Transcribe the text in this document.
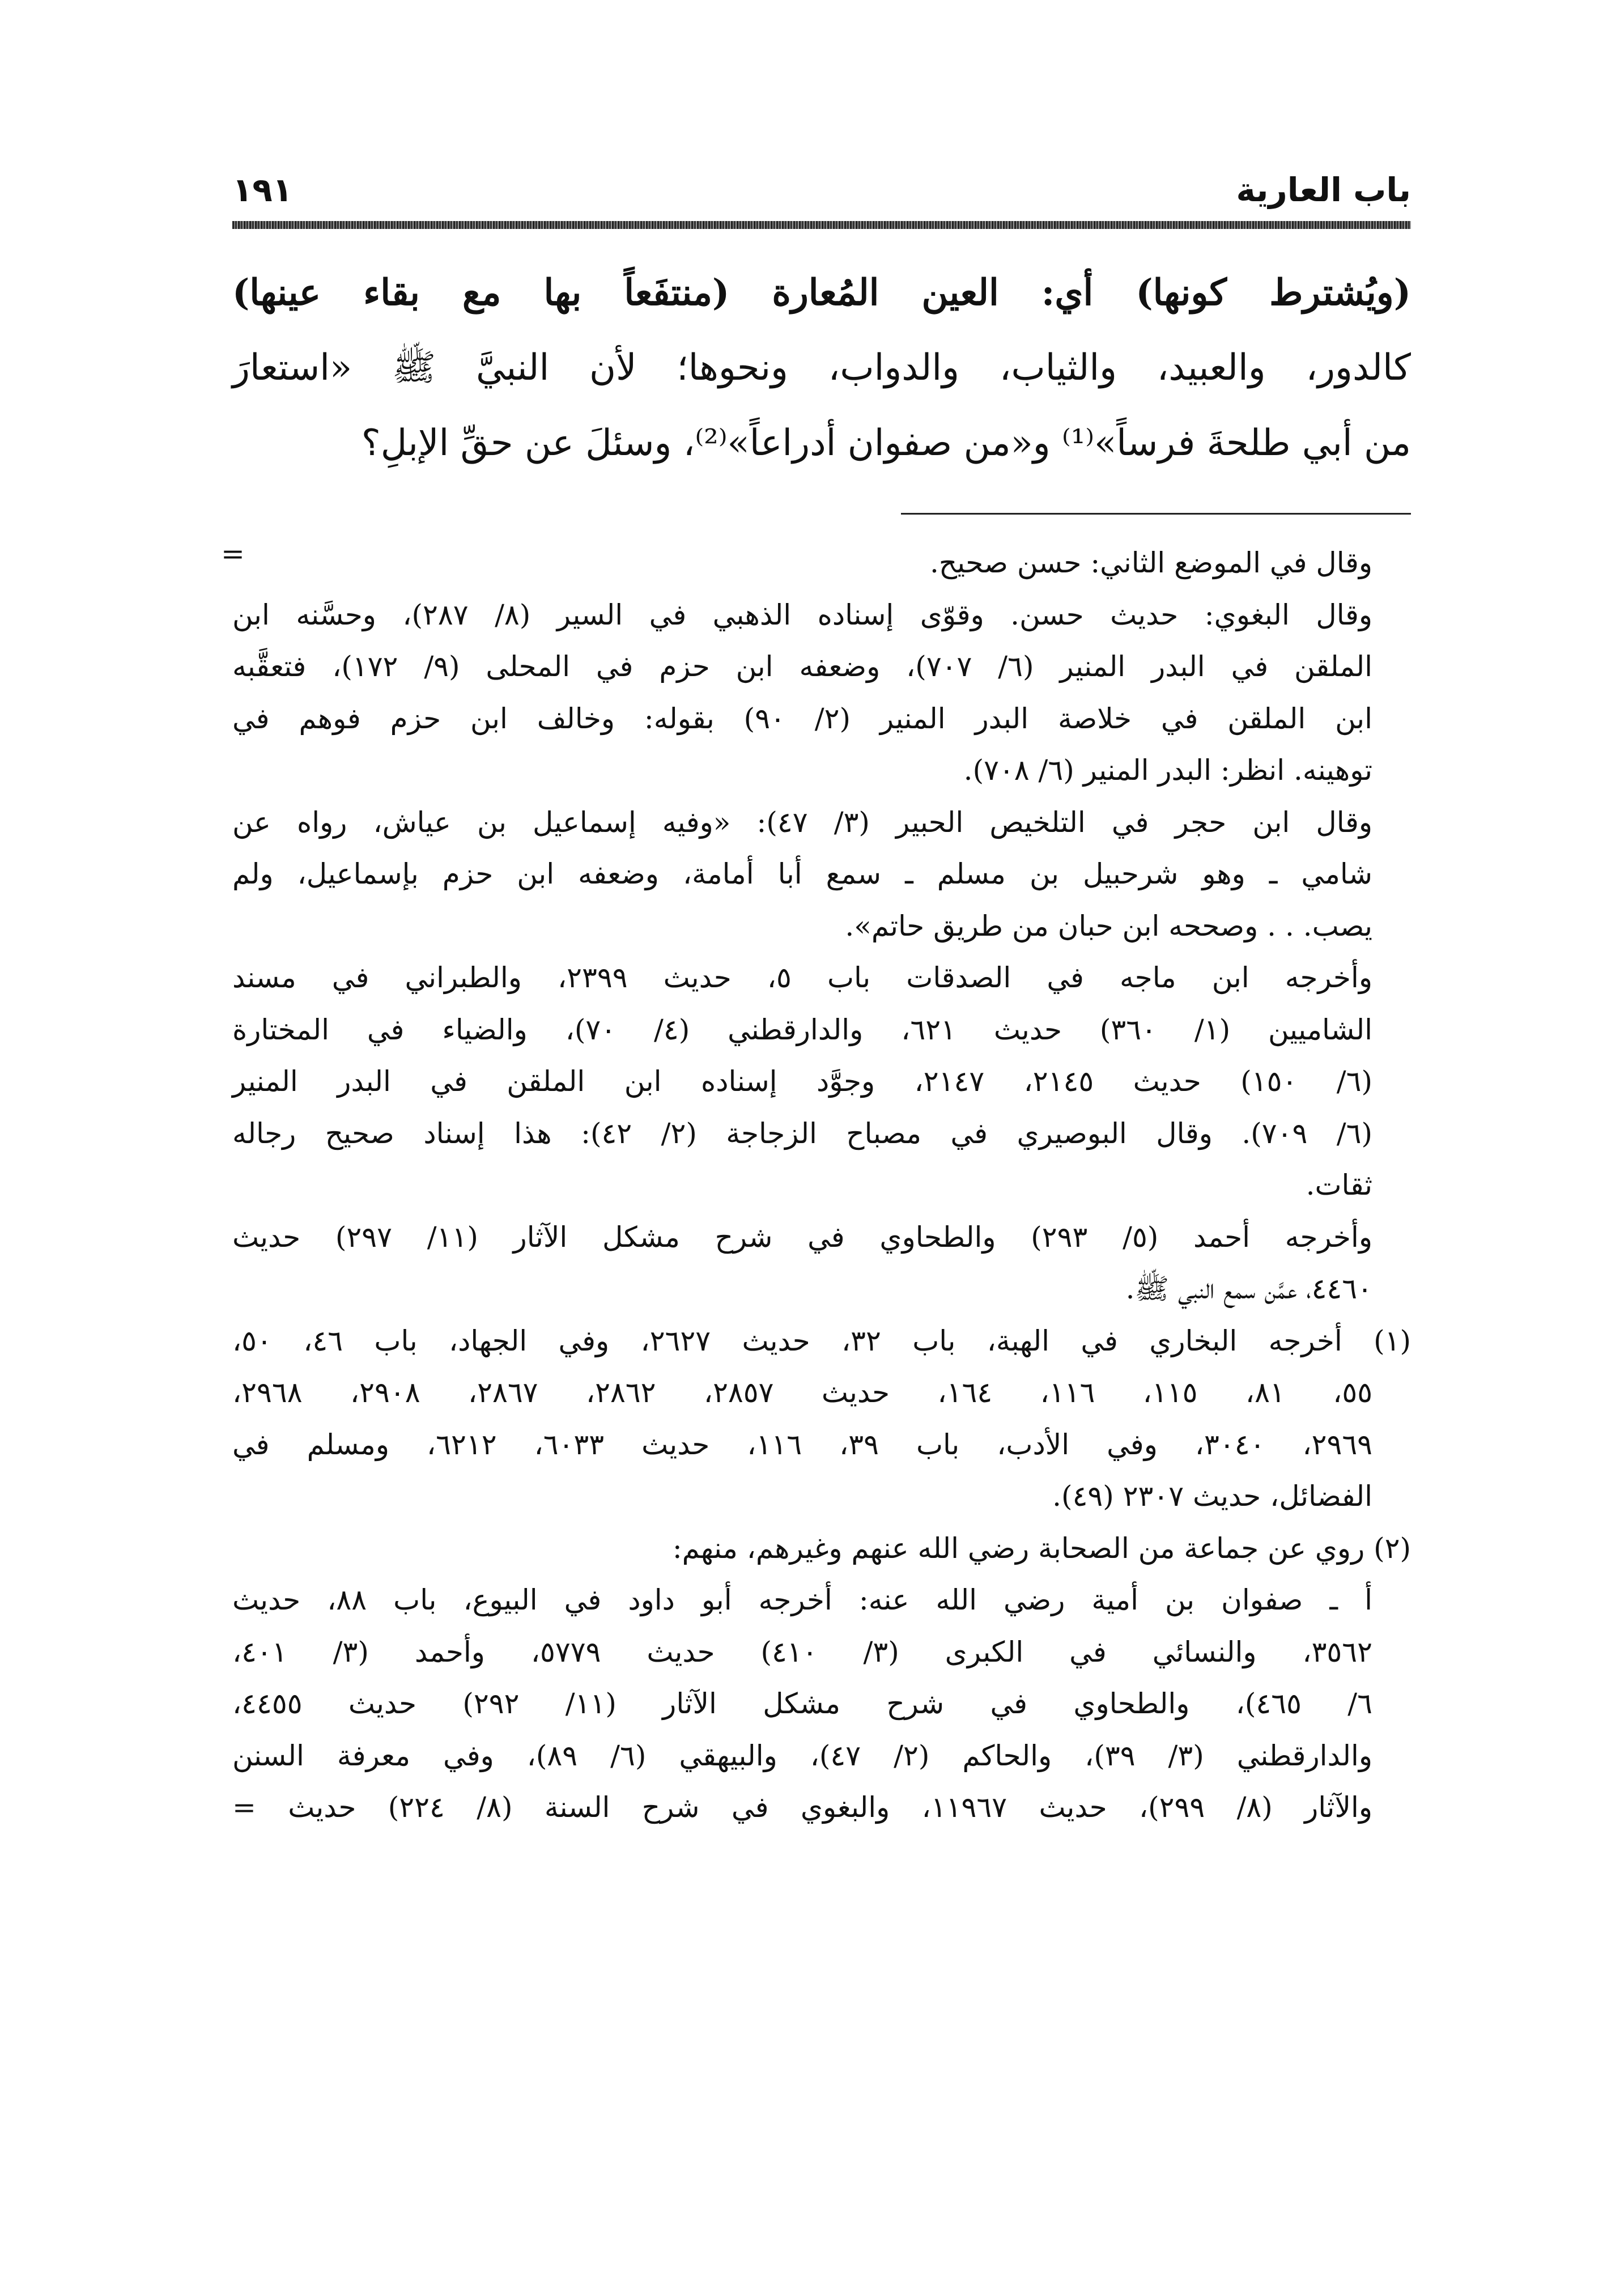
باب العارية
١٩١
(ويُشترط كونها) أي: العين المُعارة (منتفَعاً بها مع بقاء عينها)
كالدور، والعبيد، والثياب، والدواب، ونحوها؛ لأن النبيَّ ﷺ «استعارَ
من أبي طلحةَ فرساً»⁽¹⁾ و«من صفوان أدراعاً»⁽²⁾، وسئلَ عن حقِّ الإبلِ؟
=	وقال في الموضع الثاني: حسن صحيح.
وقال البغوي: حديث حسن. وقوّى إسناده الذهبي في السير (٨/ ٢٨٧)، وحسَّنه ابن
الملقن في البدر المنير (٦/ ٧٠٧)، وضعفه ابن حزم في المحلى (٩/ ١٧٢)، فتعقَّبه
ابن الملقن في خلاصة البدر المنير (٢/ ٩٠) بقوله: وخالف ابن حزم فوهم في
توهينه. انظر: البدر المنير (٦/ ٧٠٨).
وقال ابن حجر في التلخيص الحبير (٣/ ٤٧): «وفيه إسماعيل بن عياش، رواه عن
شامي ـ وهو شرحبيل بن مسلم ـ سمع أبا أمامة، وضعفه ابن حزم بإسماعيل، ولم
يصب. . . وصححه ابن حبان من طريق حاتم».
وأخرجه ابن ماجه في الصدقات باب ٥، حديث ٢٣٩٩، والطبراني في مسند
الشاميين (١/ ٣٦٠) حديث ٦٢١، والدارقطني (٤/ ٧٠)، والضياء في المختارة
(٦/ ١٥٠) حديث ٢١٤٥، ٢١٤٧، وجوَّد إسناده ابن الملقن في البدر المنير
(٦/ ٧٠٩). وقال البوصيري في مصباح الزجاجة (٢/ ٤٢): هذا إسناد صحيح رجاله
ثقات.
وأخرجه أحمد (٥/ ٢٩٣) والطحاوي في شرح مشكل الآثار (١١/ ٢٩٧) حديث
٤٤٦٠، عمَّن سمع النبي ﷺ.
(١) أخرجه البخاري في الهبة، باب ٣٢، حديث ٢٦٢٧، وفي الجهاد، باب ٤٦، ٥٠،
٥٥، ٨١، ١١٥، ١١٦، ١٦٤، حديث ٢٨٥٧، ٢٨٦٢، ٢٨٦٧، ٢٩٠٨، ٢٩٦٨،
٢٩٦٩، ٣٠٤٠، وفي الأدب، باب ٣٩، ١١٦، حديث ٦٠٣٣، ٦٢١٢، ومسلم في
الفضائل، حديث ٢٣٠٧ (٤٩).
(٢) روي عن جماعة من الصحابة رضي الله عنهم وغيرهم، منهم:
أ ـ صفوان بن أمية رضي الله عنه: أخرجه أبو داود في البيوع، باب ٨٨، حديث
٣٥٦٢، والنسائي في الكبرى (٣/ ٤١٠) حديث ٥٧٧٩، وأحمد (٣/ ٤٠١،
٦/ ٤٦٥)، والطحاوي في شرح مشكل الآثار (١١/ ٢٩٢) حديث ٤٤٥٥،
والدارقطني (٣/ ٣٩)، والحاكم (٢/ ٤٧)، والبيهقي (٦/ ٨٩)، وفي معرفة السنن
والآثار (٨/ ٢٩٩)، حديث ١١٩٦٧، والبغوي في شرح السنة (٨/ ٢٢٤) حديث =
